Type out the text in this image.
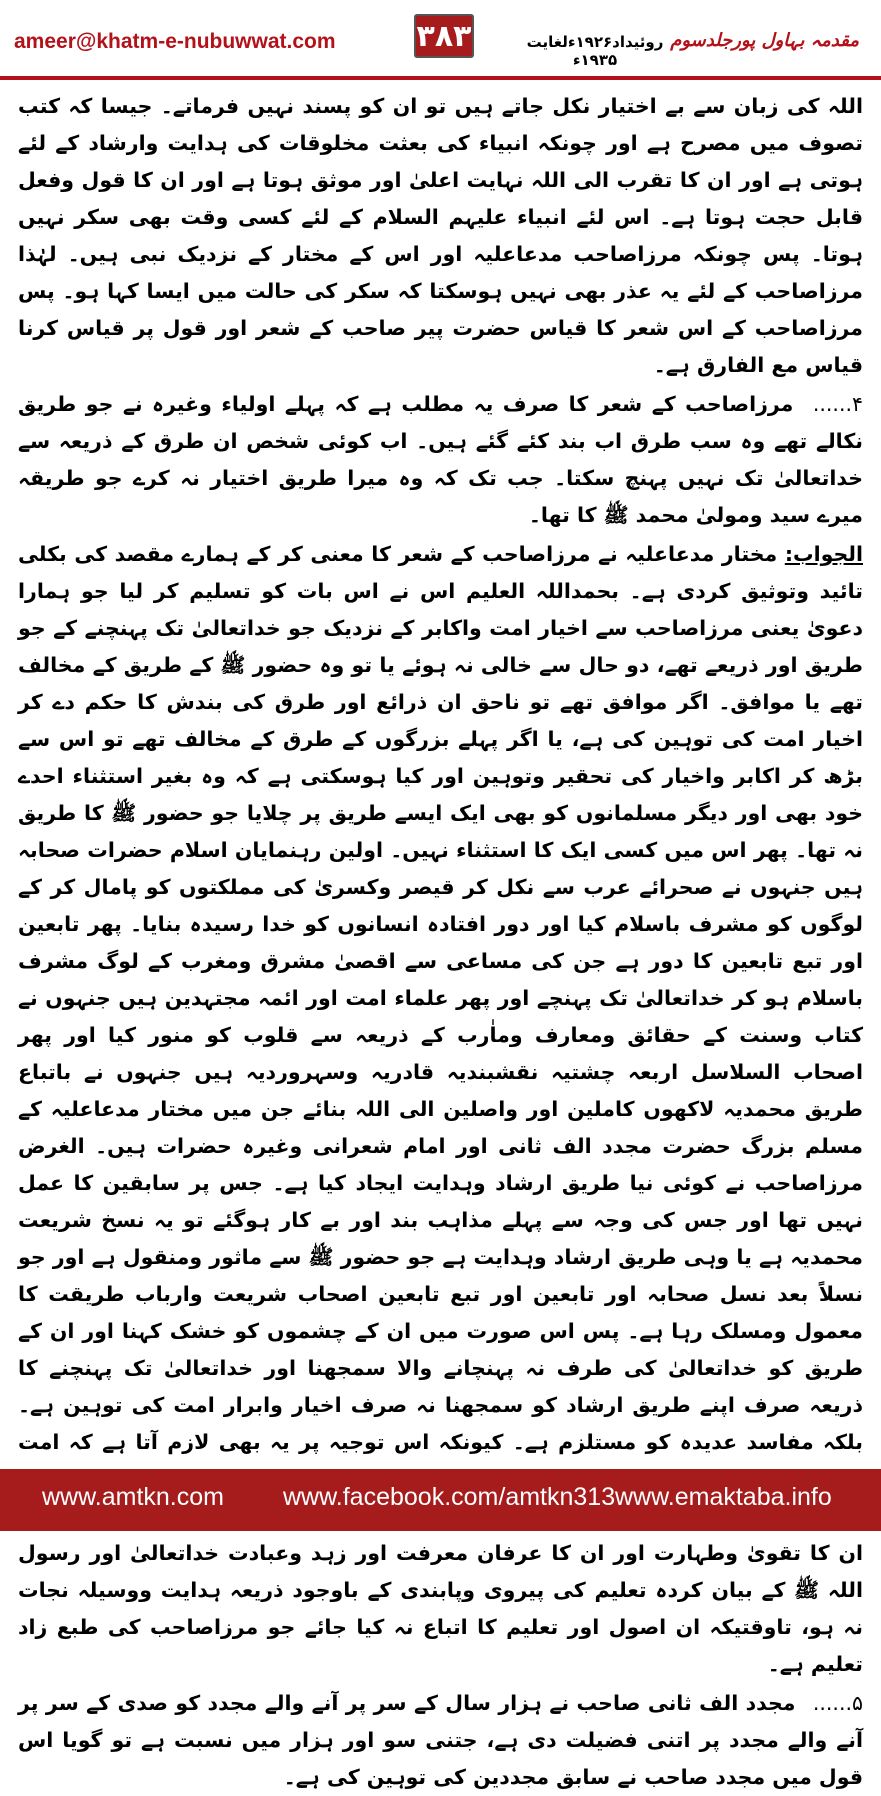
ameer@khatm-e-nubuwwat.com	۳۸۳	روئیداد۱۹۲۶ءلغایت ۱۹۳۵ء
مقدمہ بہاول پورجلدسوم

اللہ کی زبان سے بے اختیار نکل جاتے ہیں تو ان کو پسند نہیں فرماتے۔ جیسا کہ کتب تصوف میں مصرح ہے اور چونکہ انبیاء کی بعثت مخلوقات کی ہدایت وارشاد کے لئے ہوتی ہے اور ان کا تقرب الی اللہ نہایت اعلیٰ اور موثق ہوتا ہے اور ان کا قول وفعل قابل حجت ہوتا ہے۔ اس لئے انبیاء علیہم السلام کے لئے کسی وقت بھی سکر نہیں ہوتا۔ پس چونکہ مرزاصاحب مدعاعلیہ اور اس کے مختار کے نزدیک نبی ہیں۔ لہٰذا مرزاصاحب کے لئے یہ عذر بھی نہیں ہوسکتا کہ سکر کی حالت میں ایسا کہا ہو۔ پس مرزاصاحب کے اس شعر کا قیاس حضرت پیر صاحب کے شعر اور قول پر قیاس کرنا قیاس مع الفارق ہے۔

۴...... مرزاصاحب کے شعر کا صرف یہ مطلب ہے کہ پہلے اولیاء وغیرہ نے جو طریق نکالے تھے وہ سب طرق اب بند کئے گئے ہیں۔ اب کوئی شخص ان طرق کے ذریعہ سے خداتعالیٰ تک نہیں پہنچ سکتا۔ جب تک کہ وہ میرا طریق اختیار نہ کرے جو طریقہ میرے سید ومولیٰ محمد ﷺ کا تھا۔

الجواب: مختار مدعاعلیہ نے مرزاصاحب کے شعر کا معنی کر کے ہمارے مقصد کی بکلی تائید وتوثیق کردی ہے۔ بحمداللہ العلیم اس نے اس بات کو تسلیم کر لیا جو ہمارا دعویٰ یعنی مرزاصاحب سے اخیار امت واکابر کے نزدیک جو خداتعالیٰ تک پہنچنے کے جو طریق اور ذریعے تھے، دو حال سے خالی نہ ہوئے یا تو وہ حضور ﷺ کے طریق کے مخالف تھے یا موافق۔ اگر موافق تھے تو ناحق ان ذرائع اور طرق کی بندش کا حکم دے کر اخیار امت کی توہین کی ہے، یا اگر پہلے بزرگوں کے طرق کے مخالف تھے تو اس سے بڑھ کر اکابر واخیار کی تحقیر وتوہین اور کیا ہوسکتی ہے کہ وہ بغیر استثناء احدے خود بھی اور دیگر مسلمانوں کو بھی ایک ایسے طریق پر چلایا جو حضور ﷺ کا طریق نہ تھا۔ پھر اس میں کسی ایک کا استثناء نہیں۔ اولین رہنمایان اسلام حضرات صحابہ ہیں جنہوں نے صحرائے عرب سے نکل کر قیصر وکسریٰ کی مملکتوں کو پامال کر کے لوگوں کو مشرف باسلام کیا اور دور افتادہ انسانوں کو خدا رسیدہ بنایا۔ پھر تابعین اور تبع تابعین کا دور ہے جن کی مساعی سے اقصیٰ مشرق ومغرب کے لوگ مشرف باسلام ہو کر خداتعالیٰ تک پہنچے اور پھر علماء امت اور ائمہ مجتہدین ہیں جنہوں نے کتاب وسنت کے حقائق ومعارف وماٰرب کے ذریعہ سے قلوب کو منور کیا اور پھر اصحاب السلاسل اربعہ چشتیہ نقشبندیہ قادریہ وسہروردیہ ہیں جنہوں نے باتباع طریق محمدیہ لاکھوں کاملین اور واصلین الی اللہ بنائے جن میں مختار مدعاعلیہ کے مسلم بزرگ حضرت مجدد الف ثانی اور امام شعرانی وغیرہ حضرات ہیں۔ الغرض مرزاصاحب نے کوئی نیا طریق ارشاد وہدایت ایجاد کیا ہے۔ جس پر سابقین کا عمل نہیں تھا اور جس کی وجہ سے پہلے مذاہب بند اور بے کار ہوگئے تو یہ نسخ شریعت محمدیہ ہے یا وہی طریق ارشاد وہدایت ہے جو حضور ﷺ سے ماثور ومنقول ہے اور جو نسلاً بعد نسل صحابہ اور تابعین اور تبع تابعین اصحاب شریعت وارباب طریقت کا معمول ومسلک رہا ہے۔ پس اس صورت میں ان کے چشموں کو خشک کہنا اور ان کے طریق کو خداتعالیٰ کی طرف نہ پہنچانے والا سمجھنا اور خداتعالیٰ تک پہنچنے کا ذریعہ صرف اپنے طریق ارشاد کو سمجھنا نہ صرف اخیار وابرار امت کی توہین ہے۔ بلکہ مفاسد عدیدہ کو مستلزم ہے۔ کیونکہ اس توجیہ پر یہ بھی لازم آتا ہے کہ امت ان کا تقویٰ وطہارت اور ان کا عرفان معرفت اور زہد وعبادت خداتعالیٰ اور رسول اللہ ﷺ کے بیان کردہ تعلیم کی پیروی وپابندی کے باوجود ذریعہ ہدایت ووسیلہ نجات نہ ہو، تاوقتیکہ ان اصول اور تعلیم کا اتباع نہ کیا جائے جو مرزاصاحب کی طبع زاد تعلیم ہے۔

۵...... مجدد الف ثانی صاحب نے ہزار سال کے سر پر آنے والے مجدد کو صدی کے سر پر آنے والے مجدد پر اتنی فضیلت دی ہے، جتنی سو اور ہزار میں نسبت ہے تو گویا اس قول میں مجدد صاحب نے سابق مجددین کی توہین کی ہے۔

www.amtkn.com www.facebook.com/amtkn313 www.emaktaba.info
